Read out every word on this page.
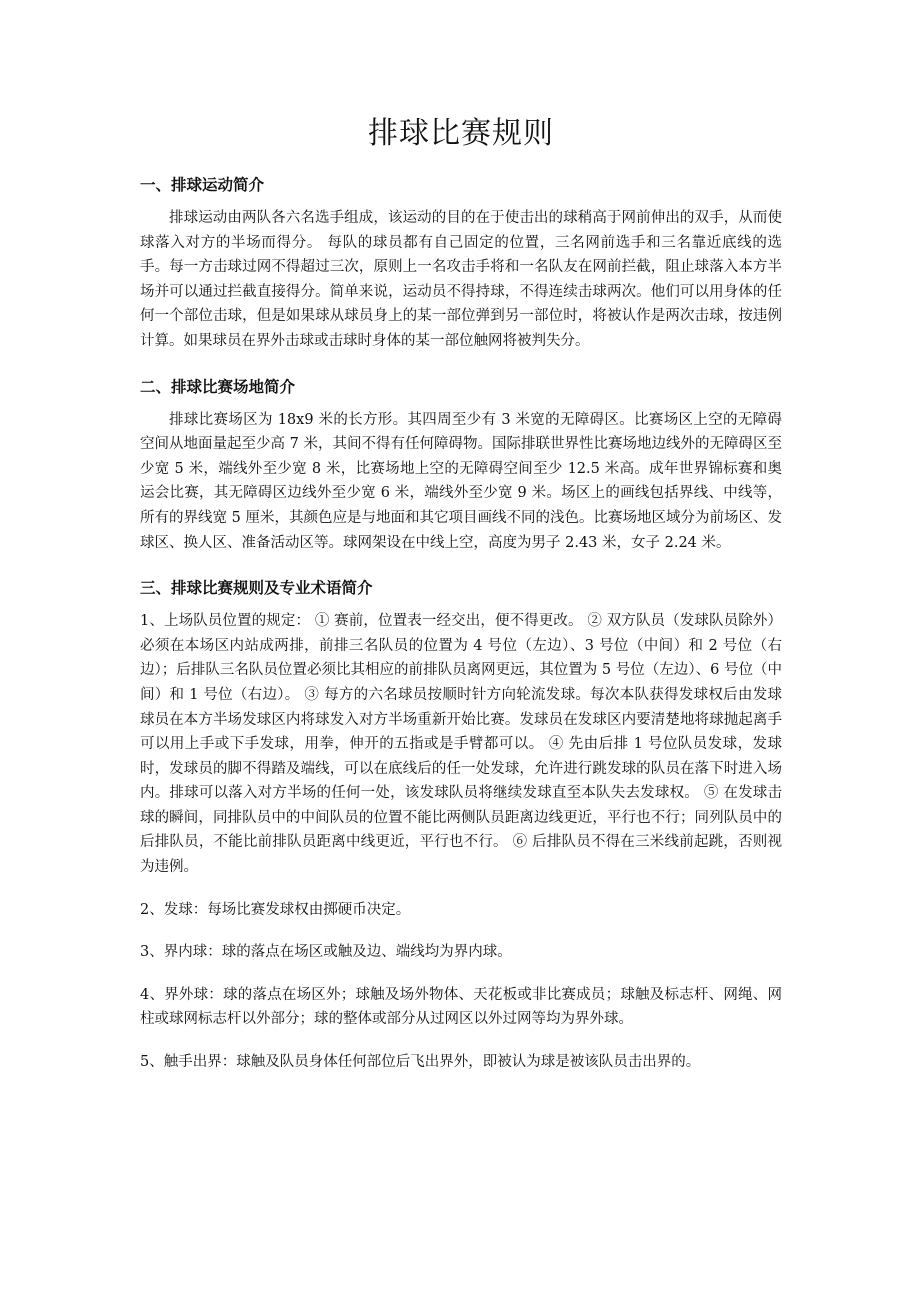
排球比赛规则
一、排球运动简介

排球运动由两队各六名选手组成，该运动的目的在于使击出的球稍高于网前伸出的双手，从而使球落入对方的半场而得分。 每队的球员都有自己固定的位置，三名网前选手和三名靠近底线的选手。每一方击球过网不得超过三次，原则上一名攻击手将和一名队友在网前拦截，阻止球落入本方半场并可以通过拦截直接得分。简单来说，运动员不得持球，不得连续击球两次。他们可以用身体的任何一个部位击球，但是如果球从球员身上的某一部位弹到另一部位时，将被认作是两次击球，按违例计算。如果球员在界外击球或击球时身体的某一部位触网将被判失分。

二、排球比赛场地简介

排球比赛场区为 18x9 米的长方形。其四周至少有 3 米宽的无障碍区。比赛场区上空的无障碍空间从地面量起至少高 7 米，其间不得有任何障碍物。国际排联世界性比赛场地边线外的无障碍区至少宽 5 米，端线外至少宽 8 米，比赛场地上空的无障碍空间至少 12.5 米高。成年世界锦标赛和奥运会比赛，其无障碍区边线外至少宽 6 米，端线外至少宽 9 米。场区上的画线包括界线、中线等，所有的界线宽 5 厘米，其颜色应是与地面和其它项目画线不同的浅色。比赛场地区域分为前场区、发球区、换人区、准备活动区等。球网架设在中线上空，高度为男子 2.43 米，女子 2.24 米。

三、排球比赛规则及专业术语简介

1、上场队员位置的规定： ① 赛前，位置表一经交出，便不得更改。 ② 双方队员（发球队员除外）必须在本场区内站成两排，前排三名队员的位置为 4 号位（左边）、3 号位（中间）和 2 号位（右边）；后排队三名队员位置必须比其相应的前排队员离网更远，其位置为 5 号位（左边）、6 号位（中间）和 1 号位（右边）。 ③ 每方的六名球员按顺时针方向轮流发球。每次本队获得发球权后由发球球员在本方半场发球区内将球发入对方半场重新开始比赛。发球员在发球区内要清楚地将球抛起离手可以用上手或下手发球，用拳，伸开的五指或是手臂都可以。 ④ 先由后排 1 号位队员发球，发球时，发球员的脚不得踏及端线，可以在底线后的任一处发球，允许进行跳发球的队员在落下时进入场内。排球可以落入对方半场的任何一处，该发球队员将继续发球直至本队失去发球权。 ⑤ 在发球击球的瞬间，同排队员中的中间队员的位置不能比两侧队员距离边线更近，平行也不行；同列队员中的后排队员，不能比前排队员距离中线更近，平行也不行。 ⑥ 后排队员不得在三米线前起跳，否则视为违例。

2、发球：每场比赛发球权由掷硬币决定。

3、界内球：球的落点在场区或触及边、端线均为界内球。

4、界外球：球的落点在场区外；球触及场外物体、天花板或非比赛成员；球触及标志杆、网绳、网柱或球网标志杆以外部分；球的整体或部分从过网区以外过网等均为界外球。

5、触手出界：球触及队员身体任何部位后飞出界外，即被认为球是被该队员击出界的。
